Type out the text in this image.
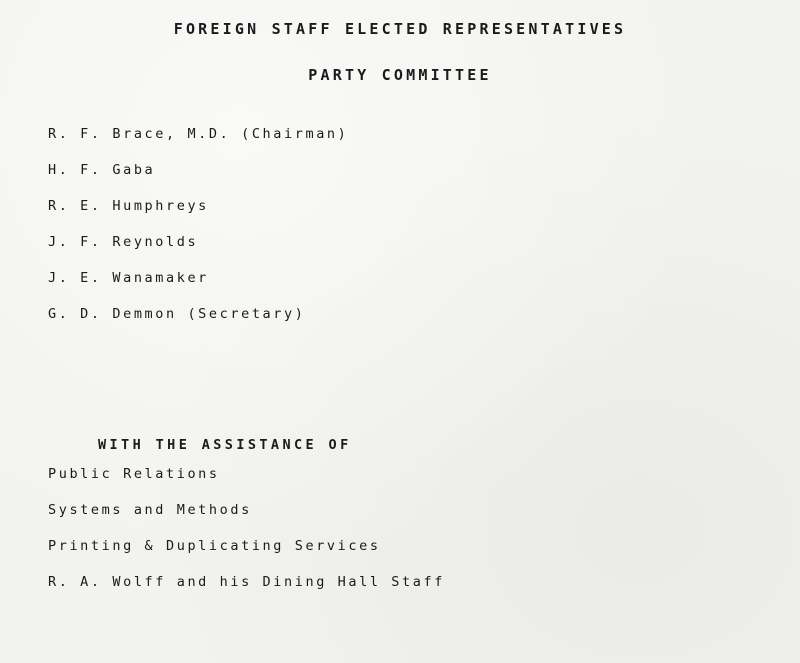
FOREIGN STAFF ELECTED REPRESENTATIVES
PARTY COMMITTEE
R. F. Brace, M.D. (Chairman)
H. F. Gaba
R. E. Humphreys
J. F. Reynolds
J. E. Wanamaker
G. D. Demmon (Secretary)
WITH THE ASSISTANCE OF
Public Relations
Systems and Methods
Printing & Duplicating Services
R. A. Wolff and his Dining Hall Staff
